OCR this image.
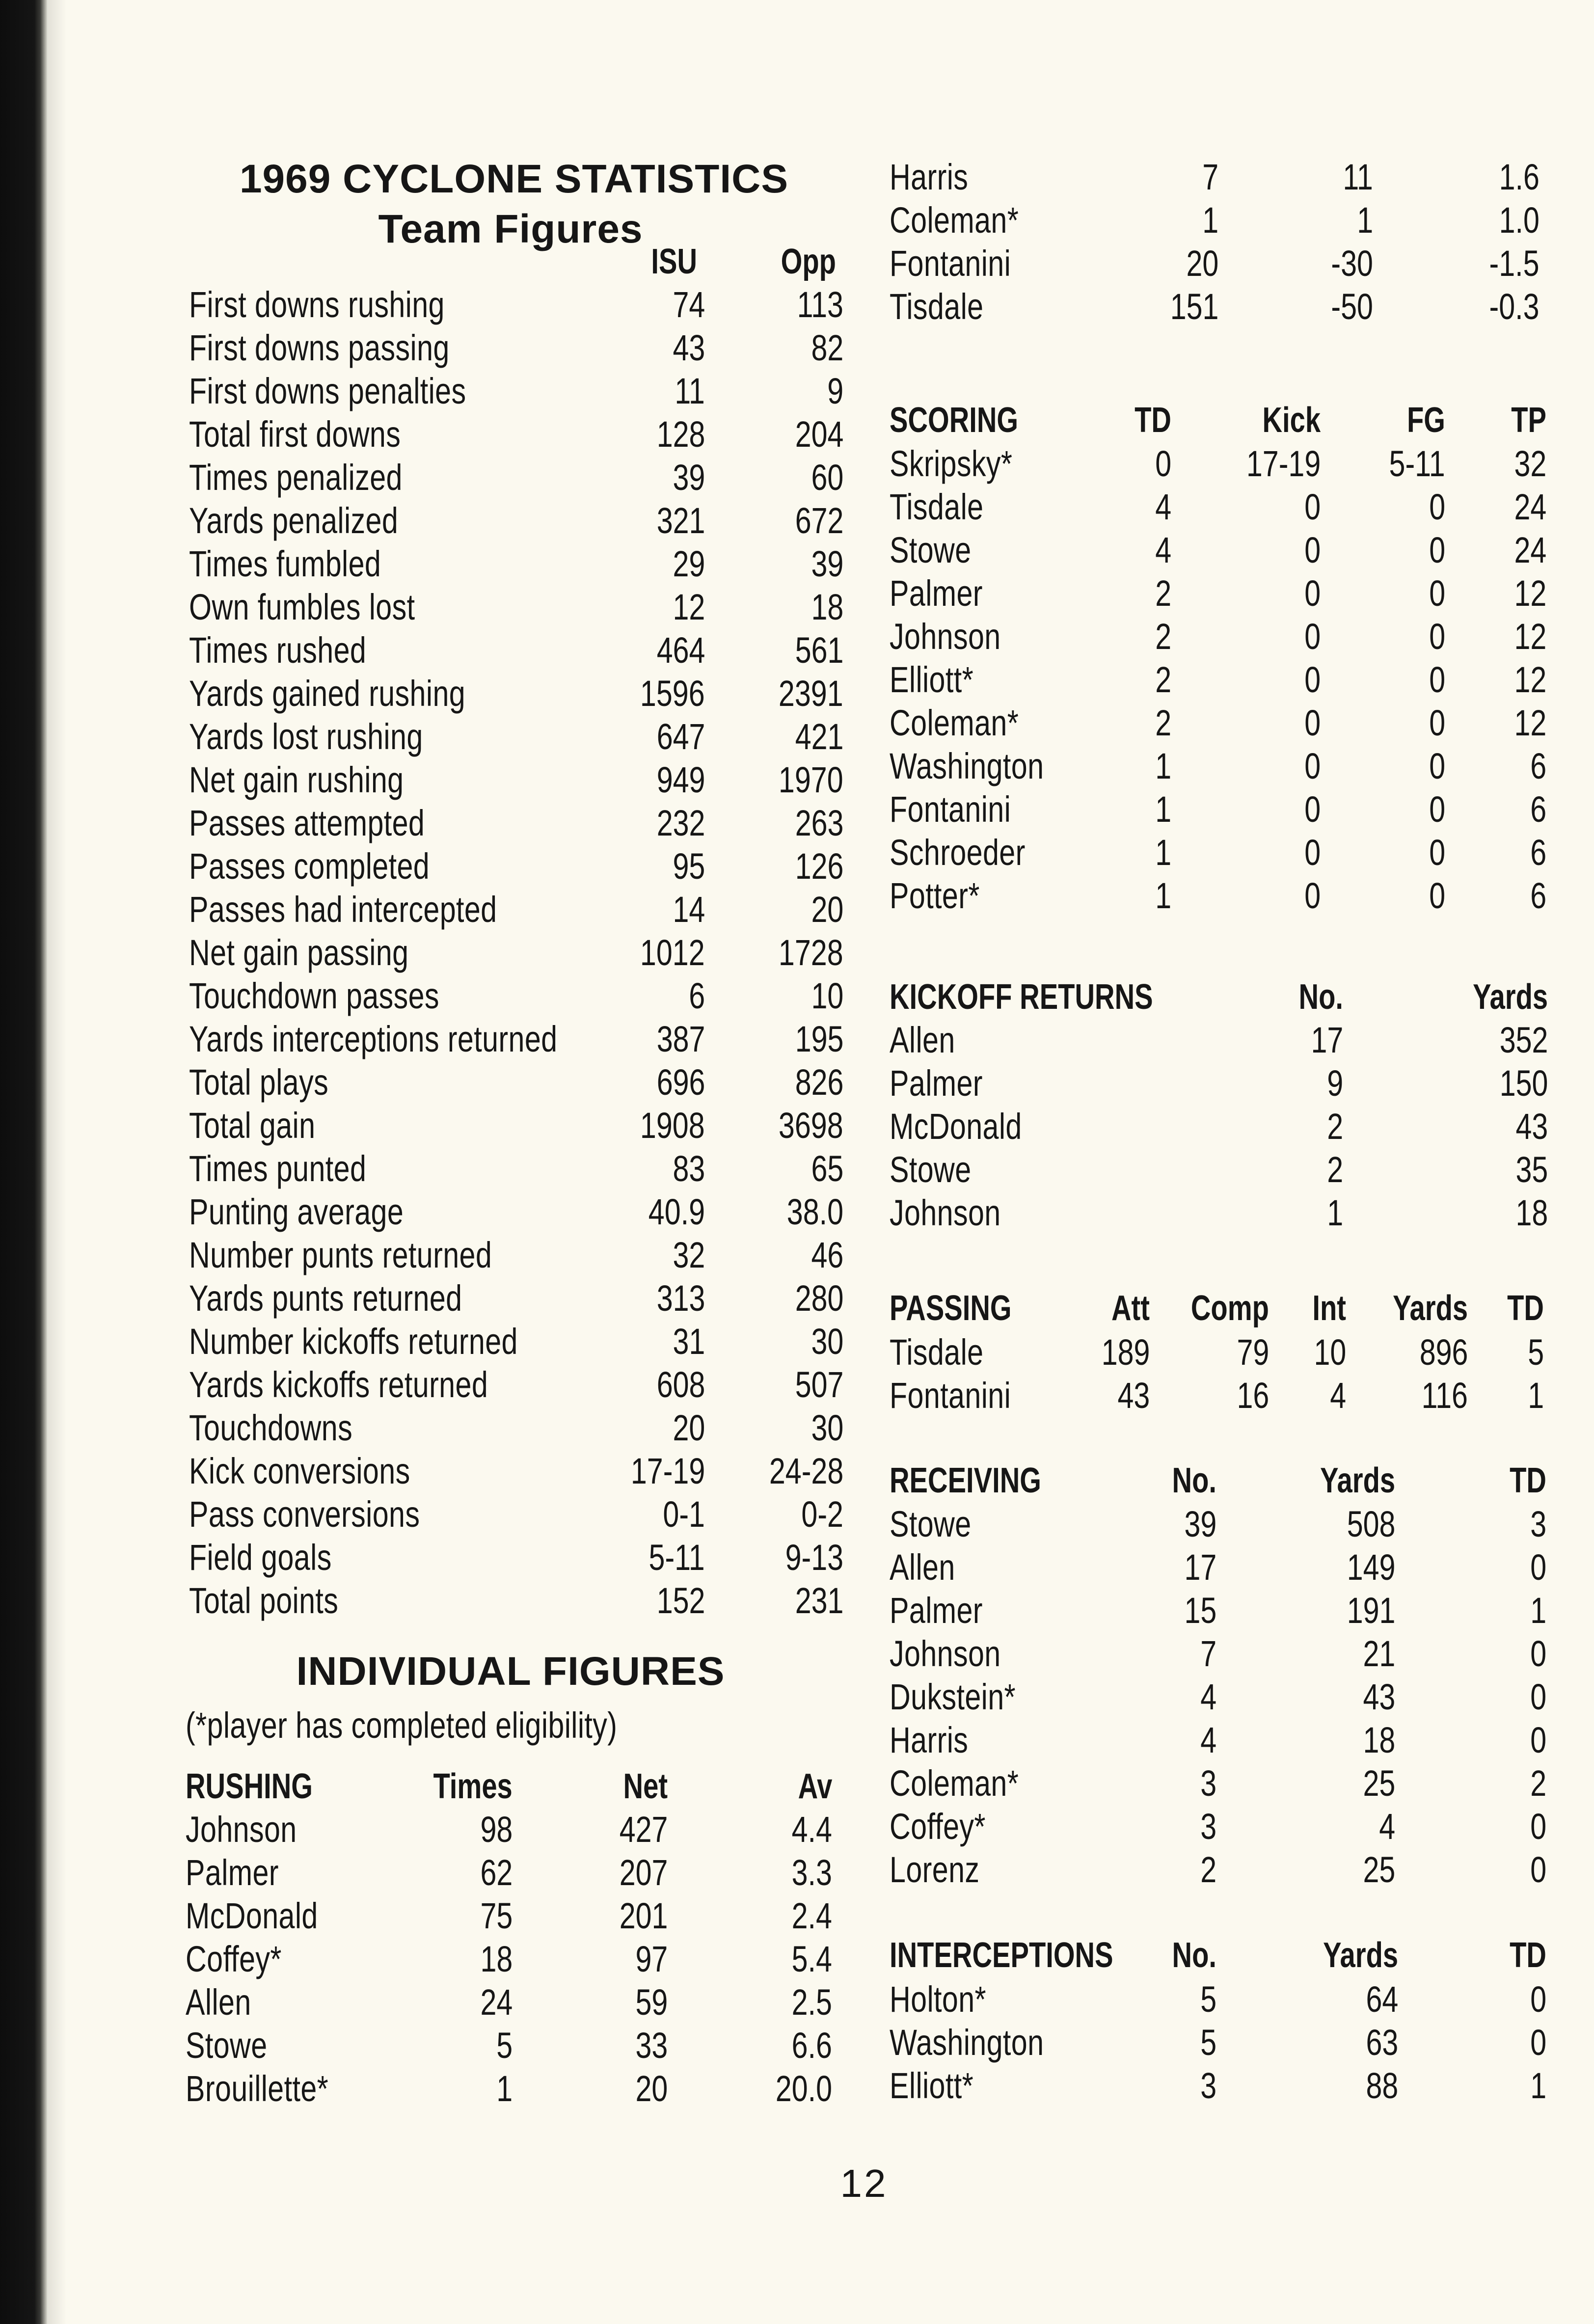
1969 CYCLONE STATISTICS
Team Figures
ISU Opp
First downs rushing	74	113
First downs passing	43	82
First downs penalties	11	9
Total first downs	128 204
Times penalized	39	60
Yards penalized	321 672
Times fumbled	29	39
Own fumbles lost	12	18
Times rushed	464 561
Yards gained rushing	1596 2391
Yards lost rushing	647 421
Net gain rushing	949 1970
Passes attempted	232 263
Passes completed	95 126
Passes had intercepted	14	20
Net gain passing	1012 1728
Touchdown passes	6	10
Yards interceptions returned	387 195
Total plays	696 826
Total gain	1908 3698
Times punted	83	65
Punting average	40.9 38.0
Number punts returned	32	46
Yards punts returned	313 280
Number kickoffs returned	31	30
Yards kickoffs returned	608 507
Touchdowns	20	30
Kick conversions	17-19 24-28
Pass conversions	0-1	0-2
Field goals	5-11 9-13
Total points	152 231
INDIVIDUAL FIGURES
(*player has completed eligibility)
RUSHING	Times	Net	Av
Johnson	98	427	4.4
Palmer	62	207	3.3
McDonald	75	201	2.4
Coffey*	18	97	5.4
Allen	24	59	2.5
Stowe	5	33	6.6
Brouillette*	1	20	20.0
Harris	7	11	1.6
Coleman*	1	1	1.0
Fontanini	20	-30	-1.5
Tisdale	151	-50	-0.3
SCORING	TD	Kick FG TP
Skripsky*	0 17-19 5-11 32
Tisdale	4	0	0 24
Stowe	4	0	0 24
Palmer	2	0	0 12
Johnson	2	0	0 12
Elliott*	2	0	0 12
Coleman*	2	0	0 12
Washington	1	0	0 6
Fontanini	1	0	0 6
Schroeder	1	0	0 6
Potter*	1	0	0 6
KICKOFF RETURNS	No.	Yards
Allen	17	352
Palmer	9	150
McDonald	2	43
Stowe	2	35
Johnson	1	18
PASSING	Att Comp Int Yards TD
Tisdale	189 79 10 896 5
Fontanini	43 16 4 116 1
RECEIVING	No.	Yards	TD
Stowe	39	508	3
Allen	17	149	0
Palmer	15	191	1
Johnson	7	21	0
Dukstein*	4	43	0
Harris	4	18	0
Coleman*	3	25	2
Coffey*	3	4	0
Lorenz	2	25	0
INTERCEPTIONS No.	Yards	TD
Holton*	5	64	0
Washington	5	63	0
Elliott*	3	88	1
12
